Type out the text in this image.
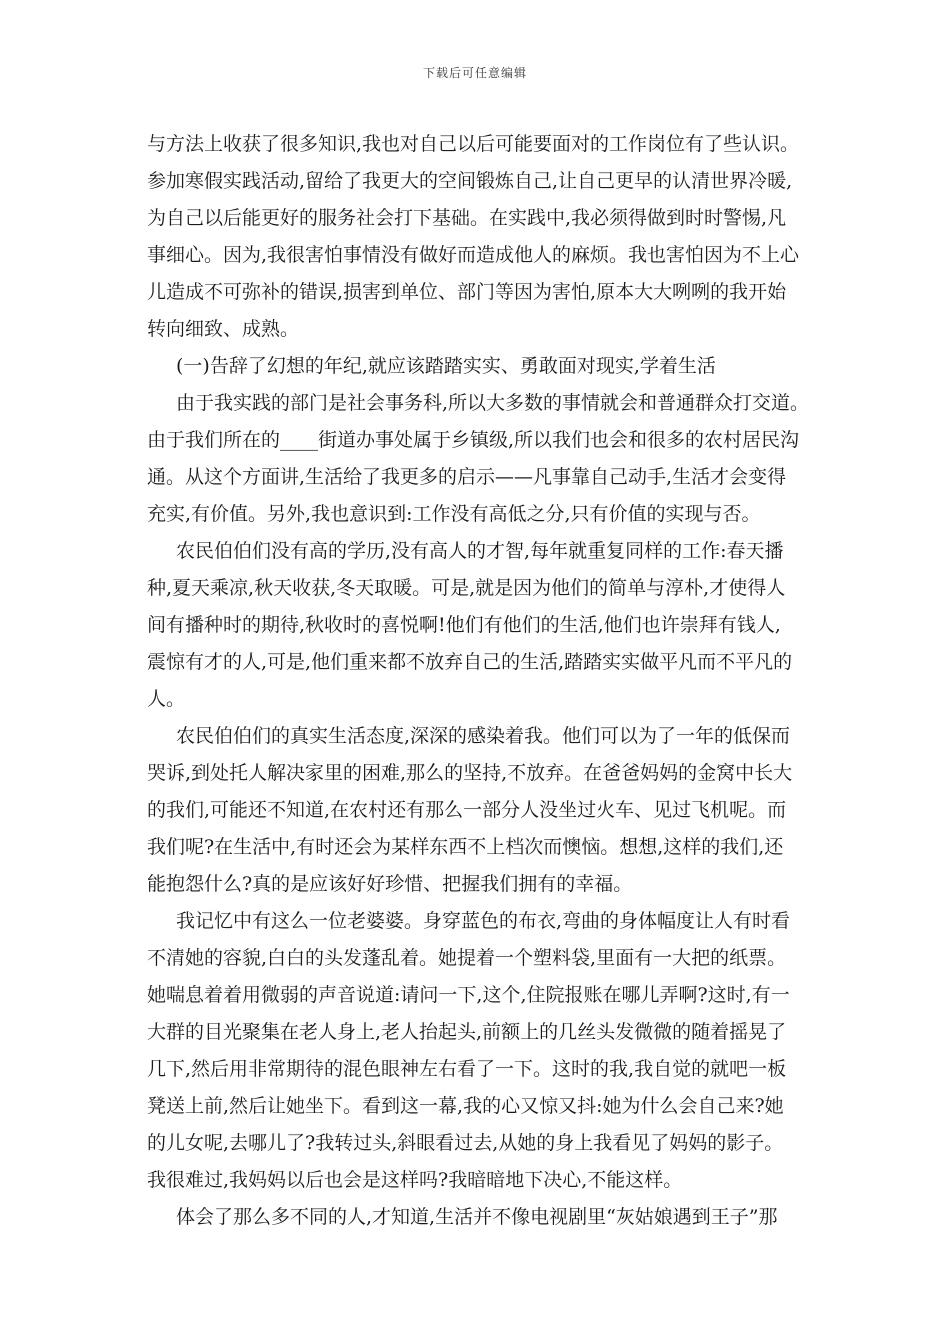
下载后可任意编辑
与方法上收获了很多知识,我也对自己以后可能要面对的工作岗位有了些认识。
参加寒假实践活动,留给了我更大的空间锻炼自己,让自己更早的认清世界冷暖,
为自己以后能更好的服务社会打下基础。在实践中,我必须得做到时时警惕,凡
事细心。因为,我很害怕事情没有做好而造成他人的麻烦。我也害怕因为不上心
儿造成不可弥补的错误,损害到单位、部门等因为害怕,原本大大咧咧的我开始
转向细致、成熟。
(一)告辞了幻想的年纪,就应该踏踏实实、勇敢面对现实,学着生活
由于我实践的部门是社会事务科,所以大多数的事情就会和普通群众打交道。
由于我们所在的____街道办事处属于乡镇级,所以我们也会和很多的农村居民沟
通。从这个方面讲,生活给了我更多的启示——凡事靠自己动手,生活才会变得
充实,有价值。另外,我也意识到:工作没有高低之分,只有价值的实现与否。
农民伯伯们没有高的学历,没有高人的才智,每年就重复同样的工作:春天播
种,夏天乘凉,秋天收获,冬天取暖。可是,就是因为他们的简单与淳朴,才使得人
间有播种时的期待,秋收时的喜悦啊!他们有他们的生活,他们也许崇拜有钱人,
震惊有才的人,可是,他们重来都不放弃自己的生活,踏踏实实做平凡而不平凡的
人。
农民伯伯们的真实生活态度,深深的感染着我。他们可以为了一年的低保而
哭诉,到处托人解决家里的困难,那么的坚持,不放弃。在爸爸妈妈的金窝中长大
的我们,可能还不知道,在农村还有那么一部分人没坐过火车、见过飞机呢。而
我们呢?在生活中,有时还会为某样东西不上档次而懊恼。想想,这样的我们,还
能抱怨什么?真的是应该好好珍惜、把握我们拥有的幸福。
我记忆中有这么一位老婆婆。身穿蓝色的布衣,弯曲的身体幅度让人有时看
不清她的容貌,白白的头发蓬乱着。她提着一个塑料袋,里面有一大把的纸票。
她喘息着着用微弱的声音说道:请问一下,这个,住院报账在哪儿弄啊?这时,有一
大群的目光聚集在老人身上,老人抬起头,前额上的几丝头发微微的随着摇晃了
几下,然后用非常期待的混色眼神左右看了一下。这时的我,我自觉的就吧一板
凳送上前,然后让她坐下。看到这一幕,我的心又惊又抖:她为什么会自己来?她
的儿女呢,去哪儿了?我转过头,斜眼看过去,从她的身上我看见了妈妈的影子。
我很难过,我妈妈以后也会是这样吗?我暗暗地下决心,不能这样。
体会了那么多不同的人,才知道,生活并不像电视剧里“灰姑娘遇到王子”那
